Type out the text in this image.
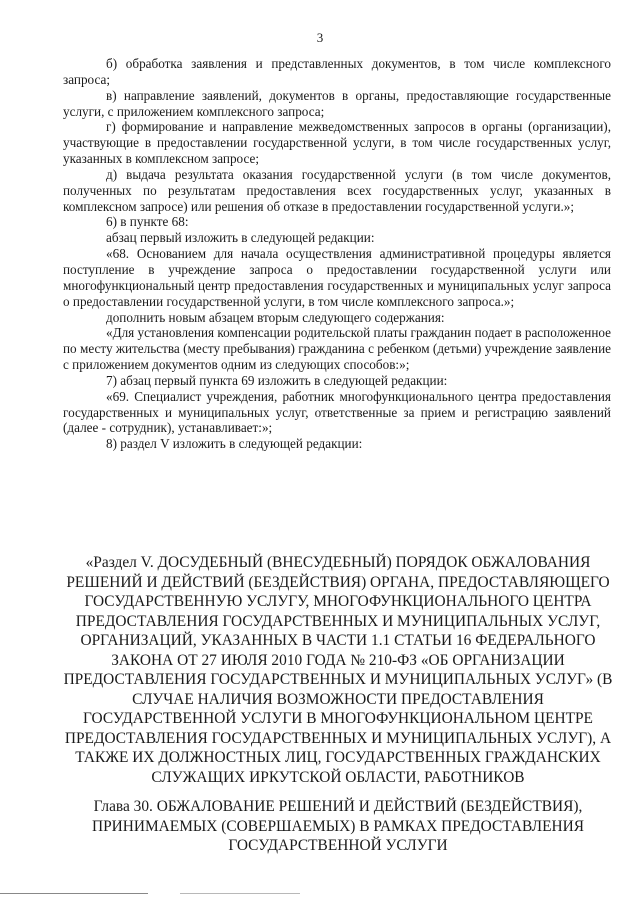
3

б) обработка заявления и представленных документов, в том числе комплексного запроса;

в) направление заявлений, документов в органы, предоставляющие государственные услуги, с приложением комплексного запроса;

г) формирование и направление межведомственных запросов в органы (организации), участвующие в предоставлении государственной услуги, в том числе государственных услуг, указанных в комплексном запросе;

д) выдача результата оказания государственной услуги (в том числе документов, полученных по результатам предоставления всех государственных услуг, указанных в комплексном запросе) или решения об отказе в предоставлении государственной услуги.»;

6) в пункте 68:

абзац первый изложить в следующей редакции:

«68. Основанием для начала осуществления административной процедуры является поступление в учреждение запроса о предоставлении государственной услуги или многофункциональный центр предоставления государственных и муниципальных услуг запроса о предоставлении государственной услуги, в том числе комплексного запроса.»;

дополнить новым абзацем вторым следующего содержания:

«Для установления компенсации родительской платы гражданин подает в расположенное по месту жительства (месту пребывания) гражданина с ребенком (детьми) учреждение заявление с приложением документов одним из следующих способов:»;

7) абзац первый пункта 69 изложить в следующей редакции:

«69. Специалист учреждения, работник многофункционального центра предоставления государственных и муниципальных услуг, ответственные за прием и регистрацию заявлений (далее - сотрудник), устанавливает:»;

8) раздел V изложить в следующей редакции:

«Раздел V. ДОСУДЕБНЫЙ (ВНЕСУДЕБНЫЙ) ПОРЯДОК ОБЖАЛОВАНИЯ РЕШЕНИЙ И ДЕЙСТВИЙ (БЕЗДЕЙСТВИЯ) ОРГАНА, ПРЕДОСТАВЛЯЮЩЕГО ГОСУДАРСТВЕННУЮ УСЛУГУ, МНОГОФУНКЦИОНАЛЬНОГО ЦЕНТРА ПРЕДОСТАВЛЕНИЯ ГОСУДАРСТВЕННЫХ И МУНИЦИПАЛЬНЫХ УСЛУГ, ОРГАНИЗАЦИЙ, УКАЗАННЫХ В ЧАСТИ 1.1 СТАТЬИ 16 ФЕДЕРАЛЬНОГО ЗАКОНА ОТ 27 ИЮЛЯ 2010 ГОДА № 210-ФЗ «ОБ ОРГАНИЗАЦИИ ПРЕДОСТАВЛЕНИЯ ГОСУДАРСТВЕННЫХ И МУНИЦИПАЛЬНЫХ УСЛУГ» (В СЛУЧАЕ НАЛИЧИЯ ВОЗМОЖНОСТИ ПРЕДОСТАВЛЕНИЯ ГОСУДАРСТВЕННОЙ УСЛУГИ В МНОГОФУНКЦИОНАЛЬНОМ ЦЕНТРЕ ПРЕДОСТАВЛЕНИЯ ГОСУДАРСТВЕННЫХ И МУНИЦИПАЛЬНЫХ УСЛУГ), А ТАКЖЕ ИХ ДОЛЖНОСТНЫХ ЛИЦ, ГОСУДАРСТВЕННЫХ ГРАЖДАНСКИХ СЛУЖАЩИХ ИРКУТСКОЙ ОБЛАСТИ, РАБОТНИКОВ
Глава 30. ОБЖАЛОВАНИЕ РЕШЕНИЙ И ДЕЙСТВИЙ (БЕЗДЕЙСТВИЯ), ПРИНИМАЕМЫХ (СОВЕРШАЕМЫХ) В РАМКАХ ПРЕДОСТАВЛЕНИЯ ГОСУДАРСТВЕННОЙ УСЛУГИ
